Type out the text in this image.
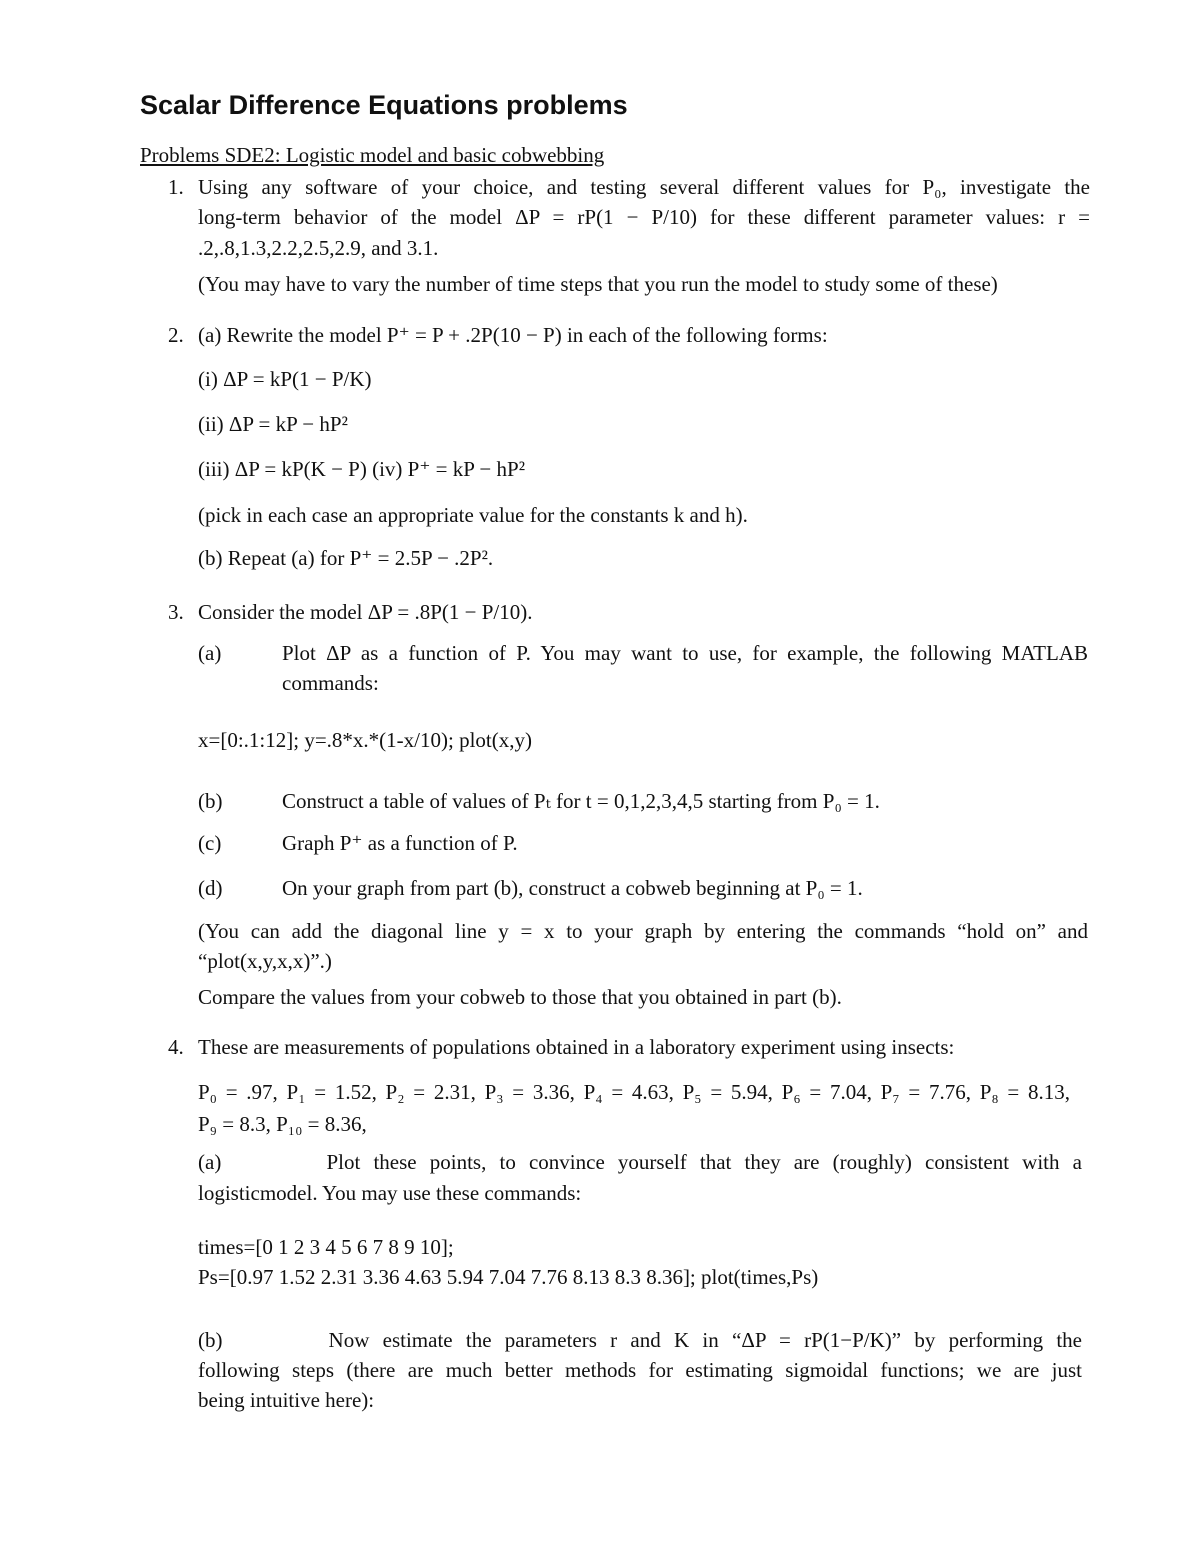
Scalar Difference Equations problems
Problems SDE2: Logistic model and basic cobwebbing
1. Using any software of your choice, and testing several different values for P₀, investigate the
long-term behavior of the model ΔP = rP(1 − P/10) for these different parameter values: r =
.2,.8,1.3,2.2,2.5,2.9, and 3.1.
(You may have to vary the number of time steps that you run the model to study some of these)
2. (a) Rewrite the model P⁺ = P + .2P(10 − P) in each of the following forms:
(i) ΔP = kP(1 − P/K)
(ii) ΔP = kP − hP²
(iii) ΔP = kP(K − P) (iv) P⁺ = kP − hP²
(pick in each case an appropriate value for the constants k and h).
(b) Repeat (a) for P⁺ = 2.5P − .2P².
3. Consider the model ΔP = .8P(1 − P/10).
(a)	Plot ΔP as a function of P. You may want to use, for example, the following MATLAB
commands:
x=[0:.1:12]; y=.8*x.*(1-x/10); plot(x,y)
(b)	Construct a table of values of Pₜ for t = 0,1,2,3,4,5 starting from P₀ = 1.
(c)	Graph P⁺ as a function of P.
(d)	On your graph from part (b), construct a cobweb beginning at P₀ = 1.
(You can add the diagonal line y = x to your graph by entering the commands “hold on” and
“plot(x,y,x,x)”.)
Compare the values from your cobweb to those that you obtained in part (b).
4. These are measurements of populations obtained in a laboratory experiment using insects:
P₀ = .97, P₁ = 1.52, P₂ = 2.31, P₃ = 3.36, P₄ = 4.63, P₅ = 5.94, P₆ = 7.04, P₇ = 7.76, P₈ = 8.13,
P₉ = 8.3, P₁₀ = 8.36,
(a)        Plot these points, to convince yourself that they are (roughly) consistent with a
logisticmodel. You may use these commands:
times=[0 1 2 3 4 5 6 7 8 9 10];
Ps=[0.97 1.52 2.31 3.36 4.63 5.94 7.04 7.76 8.13 8.3 8.36]; plot(times,Ps)
(b)        Now estimate the parameters r and K in “ΔP = rP(1−P/K)” by performing the
following steps (there are much better methods for estimating sigmoidal functions; we are just
being intuitive here):
